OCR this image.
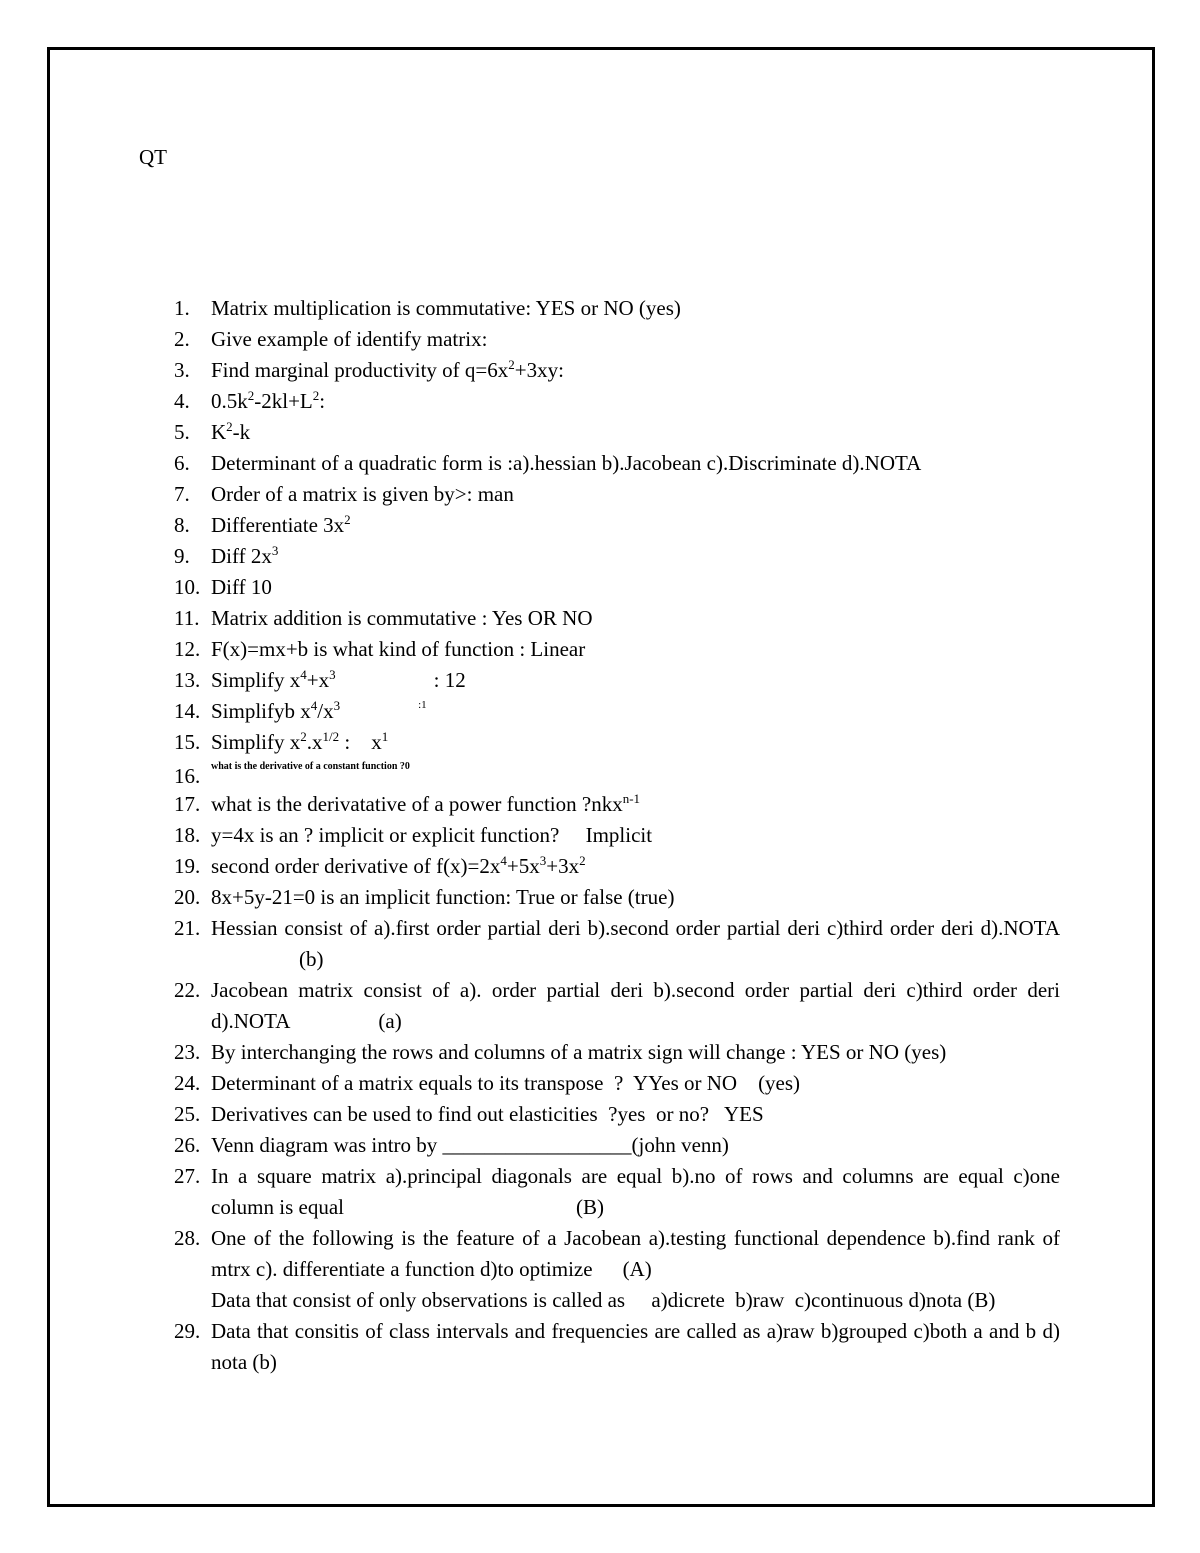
QT
1.	Matrix multiplication is commutative: YES or NO (yes)
2.	Give example of identify matrix:
3.	Find marginal productivity of $q=6x^2+3xy$:
4.	$0.5k^2-2kl+L^2$:
5.	$K^2-k$
6.	Determinant of a quadratic form is :a).hessian b).Jacobean c).Discriminate d).NOTA
7.	Order of a matrix is given by>: man
8.	Differentiate $3x^2$
9.	Diff $2x^3$
10. Diff 10
11. Matrix addition is commutative : Yes OR NO
12. F(x)=mx+b is what kind of function : Linear
13. Simplify $x^4+x^3$	: 12
14. Simplifyb $x^4/x^3$	$^{:1}$
15. Simplify $x^2.x^{1/2}$ :    $x^1$
16.	what is the derivative of a constant function ?0
17. what is the derivatative of a power function ?nkx$^{n-1}$
18. y=4x is an ? implicit or explicit function?     Implicit
19. second order derivative of $f(x)=2x^4+5x^3+3x^2$
20. 8x+5y-21=0 is an implicit function: True or false (true)
21. Hessian consist of a).first order partial deri b).second order partial deri c)third order deri d).NOTA(b)
22. Jacobean matrix consist of a). order partial deri b).second order partial deri c)third order deri d).NOTA	(a)
23. By interchanging the rows and columns of a matrix sign will change : YES or NO (yes)
24. Determinant of a matrix equals to its transpose  ?  YYes or NO    (yes)
25. Derivatives can be used to find out elasticities  ?yes  or no?   YES
26. Venn diagram was intro by __________________(john venn)
27. In a square matrix a).principal diagonals are equal b).no of rows and columns are equal c)one column is equal	(B)
28. One of the following is the feature of a Jacobean a).testing functional dependence b).find rank of mtrx c). differentiate a function d)to optimize (A)
Data that consist of only observations is called as     a)dicrete  b)raw  c)continuous d)nota (B)
29. Data that consitis of class intervals and frequencies are called as a)raw b)grouped c)both a and b d) nota (b)
